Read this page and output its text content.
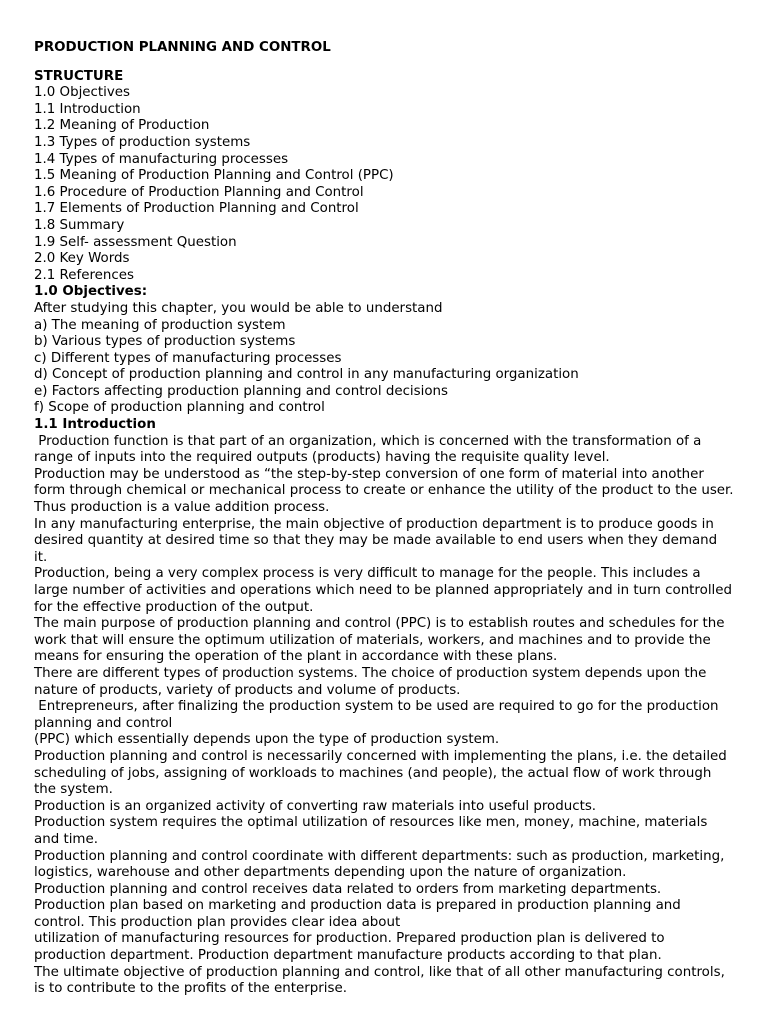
PRODUCTION PLANNING AND CONTROL
STRUCTURE
1.0 Objectives
1.1 Introduction
1.2 Meaning of Production
1.3 Types of production systems
1.4 Types of manufacturing processes
1.5 Meaning of Production Planning and Control (PPC)
1.6 Procedure of Production Planning and Control
1.7 Elements of Production Planning and Control
1.8 Summary
1.9 Self- assessment Question
2.0 Key Words
2.1 References
1.0 Objectives:

After studying this chapter, you would be able to understand

a) The meaning of production system
b) Various types of production systems
c) Different types of manufacturing processes
d) Concept of production planning and control in any manufacturing organization
e) Factors affecting production planning and control decisions
f) Scope of production planning and control
1.1 Introduction

Production function is that part of an organization, which is concerned with the transformation of a range of inputs into the required outputs (products) having the requisite quality level.

Production may be understood as “the step-by-step conversion of one form of material into another form through chemical or mechanical process to create or enhance the utility of the product to the user. Thus production is a value addition process.

In any manufacturing enterprise, the main objective of production department is to produce goods in desired quantity at desired time so that they may be made available to end users when they demand it.

Production, being a very complex process is very difficult to manage for the people. This includes a large number of activities and operations which need to be planned appropriately and in turn controlled for the effective production of the output.

The main purpose of production planning and control (PPC) is to establish routes and schedules for the work that will ensure the optimum utilization of materials, workers, and machines and to provide the means for ensuring the operation of the plant in accordance with these plans.

There are different types of production systems. The choice of production system depends upon the nature of products, variety of products and volume of products.

Entrepreneurs, after finalizing the production system to be used are required to go for the production planning and control

(PPC) which essentially depends upon the type of production system.

Production planning and control is necessarily concerned with implementing the plans, i.e. the detailed scheduling of jobs, assigning of workloads to machines (and people), the actual flow of work through the system.

Production is an organized activity of converting raw materials into useful products.

Production system requires the optimal utilization of resources like men, money, machine, materials and time.

Production planning and control coordinate with different departments: such as production, marketing, logistics, warehouse and other departments depending upon the nature of organization.

Production planning and control receives data related to orders from marketing departments.

Production plan based on marketing and production data is prepared in production planning and control. This production plan provides clear idea about

utilization of manufacturing resources for production. Prepared production plan is delivered to production department. Production department manufacture products according to that plan.

The ultimate objective of production planning and control, like that of all other manufacturing controls, is to contribute to the profits of the enterprise.
